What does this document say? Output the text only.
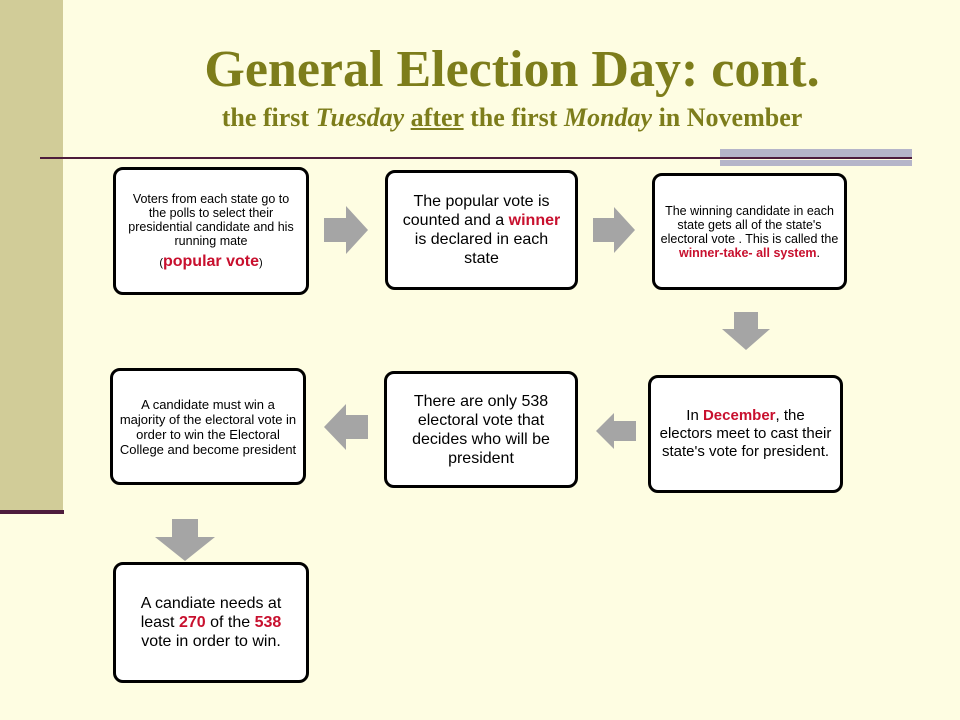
General Election Day: cont.
the first Tuesday after the first Monday in November
Voters from each state go to the polls to select their presidential candidate and his running mate
(popular vote)
The popular vote is counted and a winner is declared in each state
The winning candidate in each state gets all of the state's electoral vote . This is called the winner-take- all system.
In December, the electors meet to cast their state's vote for president.
There are only 538 electoral vote that decides who will be president
A candidate must win a majority of the electoral vote in order to win the Electoral College and become president
A candiate needs at least 270 of the 538 vote in order to win.
